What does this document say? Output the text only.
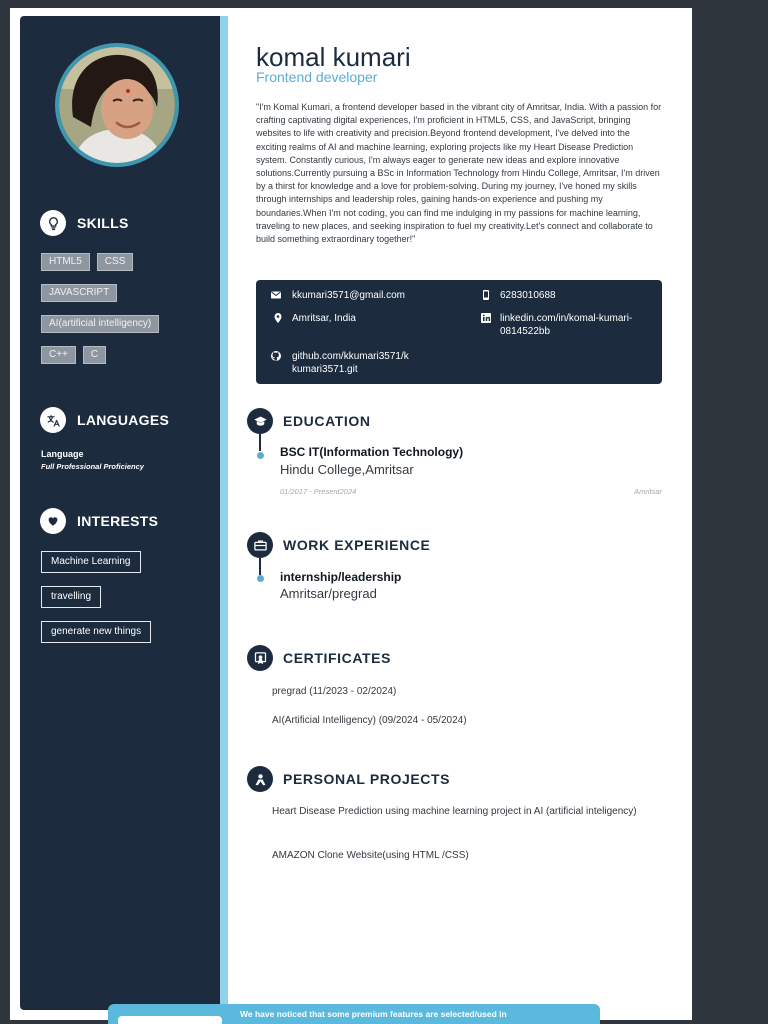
SKILLS
HTML5	CSS
JAVASCRIPT
AI(artificial intelligency)
C++	C
LANGUAGES
Language
Full Professional Proficiency
INTERESTS
Machine Learning
travelling
generate new things
komal kumari
Frontend developer

"I'm Komal Kumari, a frontend developer based in the vibrant city of Amritsar, India. With a passion for crafting captivating digital experiences, I'm proficient in HTML5, CSS, and JavaScript, bringing websites to life with creativity and precision.Beyond frontend development, I've delved into the exciting realms of AI and machine learning, exploring projects like my Heart Disease Prediction system. Constantly curious, I'm always eager to generate new ideas and explore innovative solutions.Currently pursuing a BSc in Information Technology from Hindu College, Amritsar, I'm driven by a thirst for knowledge and a love for problem-solving. During my journey, I've honed my skills through internships and leadership roles, gaining hands-on experience and pushing my boundaries.When I'm not coding, you can find me indulging in my passions for machine learning, traveling to new places, and seeking inspiration to fuel my creativity.Let's connect and collaborate to build something extraordinary together!"

kkumari3571@gmail.com	6283010688
Amritsar, India	linkedin.com/in/komal-kumari-0814522bb
github.com/kkumari3571/kkumari3571.git
EDUCATION
BSC IT(Information Technology)
Hindu College,Amritsar
01/2017 - Present2024	Amritsar
WORK EXPERIENCE
internship/leadership
Amritsar/pregrad
CERTIFICATES
pregrad (11/2023 - 02/2024)
AI(Artificial Intelligency) (09/2024 - 05/2024)
PERSONAL PROJECTS
Heart Disease Prediction using machine learning project in AI (artificial inteligency)
AMAZON Clone Website(using HTML /CSS)
We have noticed that some premium features are selected/used in
